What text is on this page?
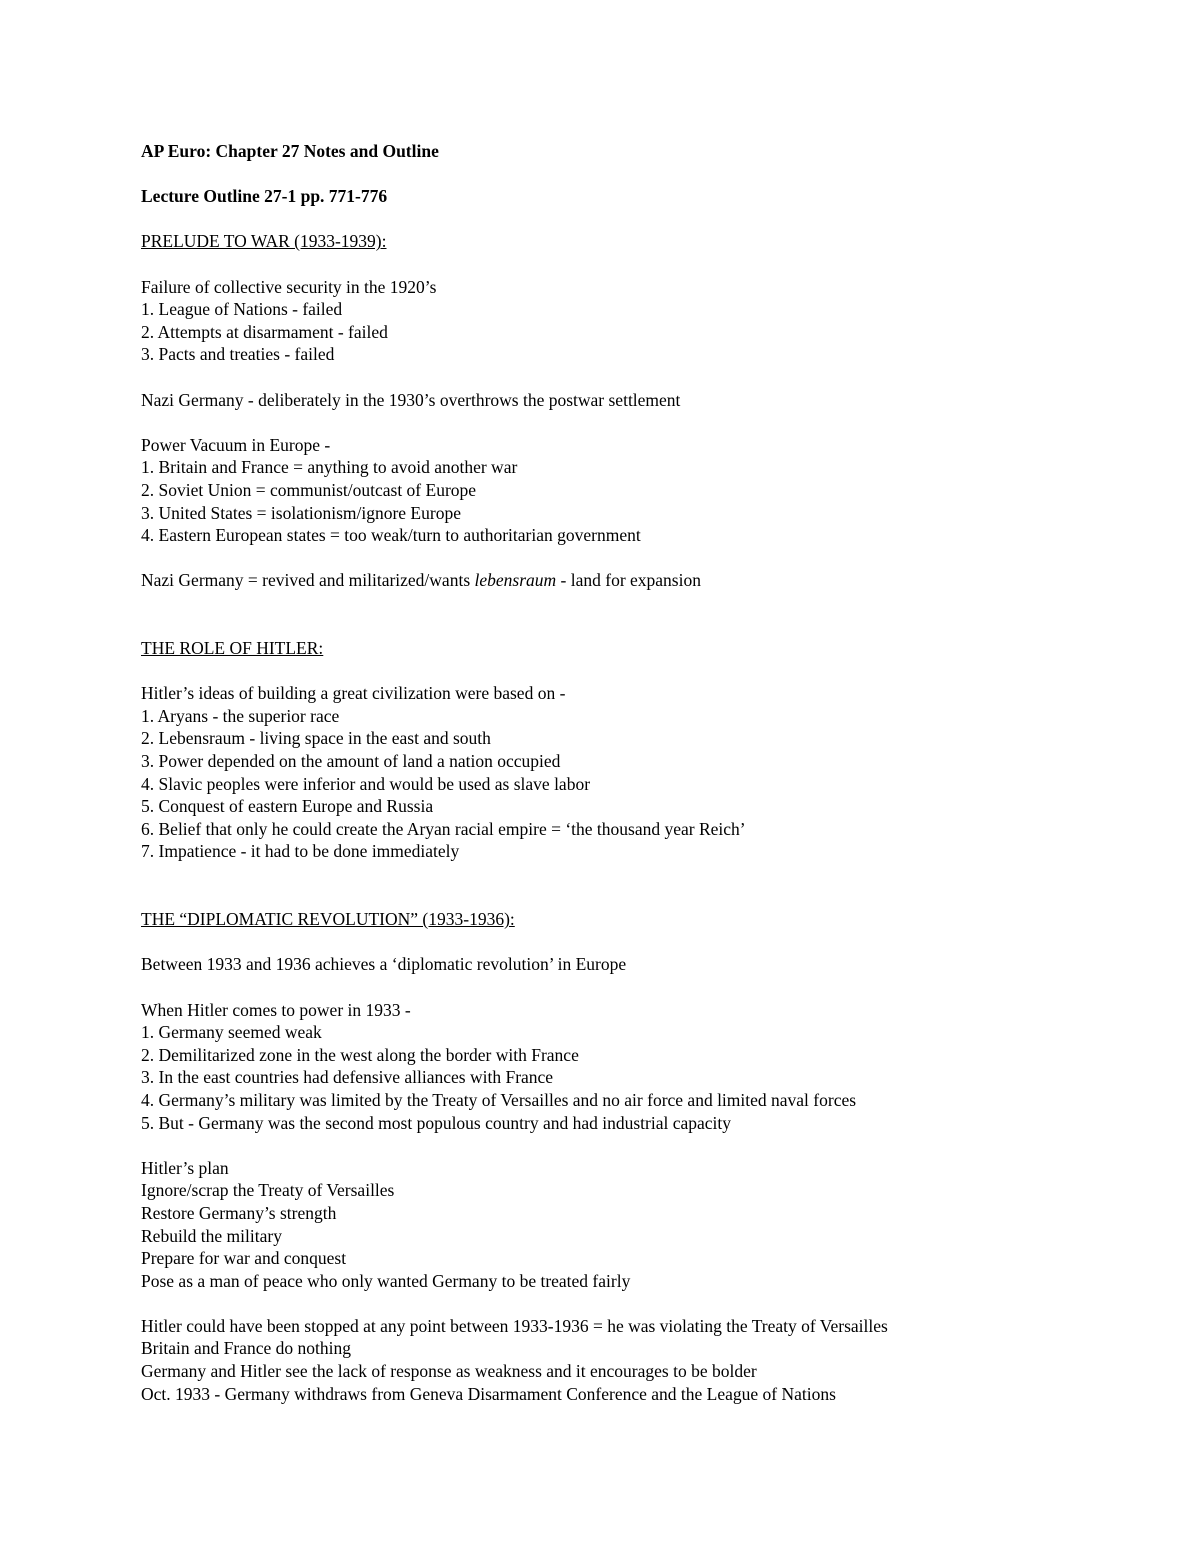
AP Euro: Chapter 27 Notes and Outline
Lecture Outline 27-1 pp. 771-776
PRELUDE TO WAR (1933-1939):
Failure of collective security in the 1920’s
1. League of Nations - failed
2. Attempts at disarmament - failed
3. Pacts and treaties - failed
Nazi Germany - deliberately in the 1930’s overthrows the postwar settlement
Power Vacuum in Europe -
1. Britain and France = anything to avoid another war
2. Soviet Union = communist/outcast of Europe
3. United States = isolationism/ignore Europe
4. Eastern European states = too weak/turn to authoritarian government
Nazi Germany = revived and militarized/wants lebensraum - land for expansion
THE ROLE OF HITLER:
Hitler’s ideas of building a great civilization were based on -
1. Aryans - the superior race
2. Lebensraum - living space in the east and south
3. Power depended on the amount of land a nation occupied
4. Slavic peoples were inferior and would be used as slave labor
5. Conquest of eastern Europe and Russia
6. Belief that only he could create the Aryan racial empire = ‘the thousand year Reich’
7. Impatience - it had to be done immediately
THE “DIPLOMATIC REVOLUTION” (1933-1936):
Between 1933 and 1936 achieves a ‘diplomatic revolution’ in Europe
When Hitler comes to power in 1933 -
1. Germany seemed weak
2. Demilitarized zone in the west along the border with France
3. In the east countries had defensive alliances with France
4. Germany’s military was limited by the Treaty of Versailles and no air force and limited naval forces
5. But - Germany was the second most populous country and had industrial capacity
Hitler’s plan
Ignore/scrap the Treaty of Versailles
Restore Germany’s strength
Rebuild the military
Prepare for war and conquest
Pose as a man of peace who only wanted Germany to be treated fairly
Hitler could have been stopped at any point between 1933-1936 = he was violating the Treaty of Versailles
Britain and France do nothing
Germany and Hitler see the lack of response as weakness and it encourages to be bolder
Oct. 1933 - Germany withdraws from Geneva Disarmament Conference and the League of Nations
